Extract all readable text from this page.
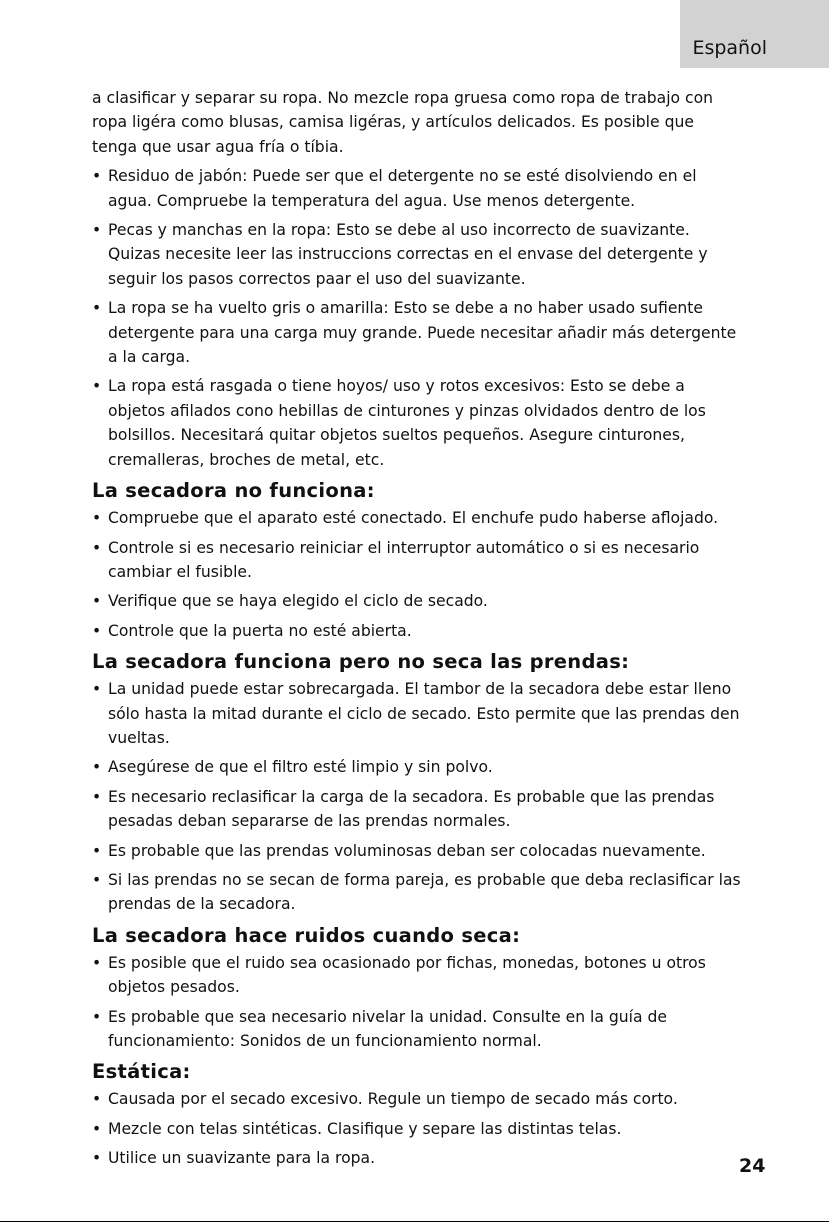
Español

a clasificar y separar su ropa. No mezcle ropa gruesa como ropa de trabajo con ropa ligéra como blusas, camisa ligéras, y artículos delicados. Es posible que tenga que usar agua fría o tíbia.

• Residuo de jabón: Puede ser que el detergente no se esté disolviendo en el agua. Compruebe la temperatura del agua. Use menos detergente.
• Pecas y manchas en la ropa: Esto se debe al uso incorrecto de suavizante. Quizas necesite leer las instruccions correctas en el envase del detergente y seguir los pasos correctos paar el uso del suavizante.
• La ropa se ha vuelto gris o amarilla: Esto se debe a no haber usado sufiente detergente para una carga muy grande. Puede necesitar añadir más detergente a la carga.
• La ropa está rasgada o tiene hoyos/ uso y rotos excesivos: Esto se debe a objetos afilados cono hebillas de cinturones y pinzas olvidados dentro de los bolsillos. Necesitará quitar objetos sueltos pequeños. Asegure cinturones, cremalleras, broches de metal, etc.
La secadora no funciona:
• Compruebe que el aparato esté conectado. El enchufe pudo haberse aflojado.
• Controle si es necesario reiniciar el interruptor automático o si es necesario cambiar el fusible.
• Verifique que se haya elegido el ciclo de secado.
• Controle que la puerta no esté abierta.
La secadora funciona pero no seca las prendas:
• La unidad puede estar sobrecargada. El tambor de la secadora debe estar lleno sólo hasta la mitad durante el ciclo de secado. Esto permite que las prendas den vueltas.
• Asegúrese de que el filtro esté limpio y sin polvo.
• Es necesario reclasificar la carga de la secadora. Es probable que las prendas pesadas deban separarse de las prendas normales.
• Es probable que las prendas voluminosas deban ser colocadas nuevamente.
• Si las prendas no se secan de forma pareja, es probable que deba reclasificar las prendas de la secadora.
La secadora hace ruidos cuando seca:
• Es posible que el ruido sea ocasionado por fichas, monedas, botones u otros objetos pesados.
• Es probable que sea necesario nivelar la unidad. Consulte en la guía de funcionamiento: Sonidos de un funcionamiento normal.
Estática:
• Causada por el secado excesivo. Regule un tiempo de secado más corto.
• Mezcle con telas sintéticas. Clasifique y separe las distintas telas.
• Utilice un suavizante para la ropa.	24
